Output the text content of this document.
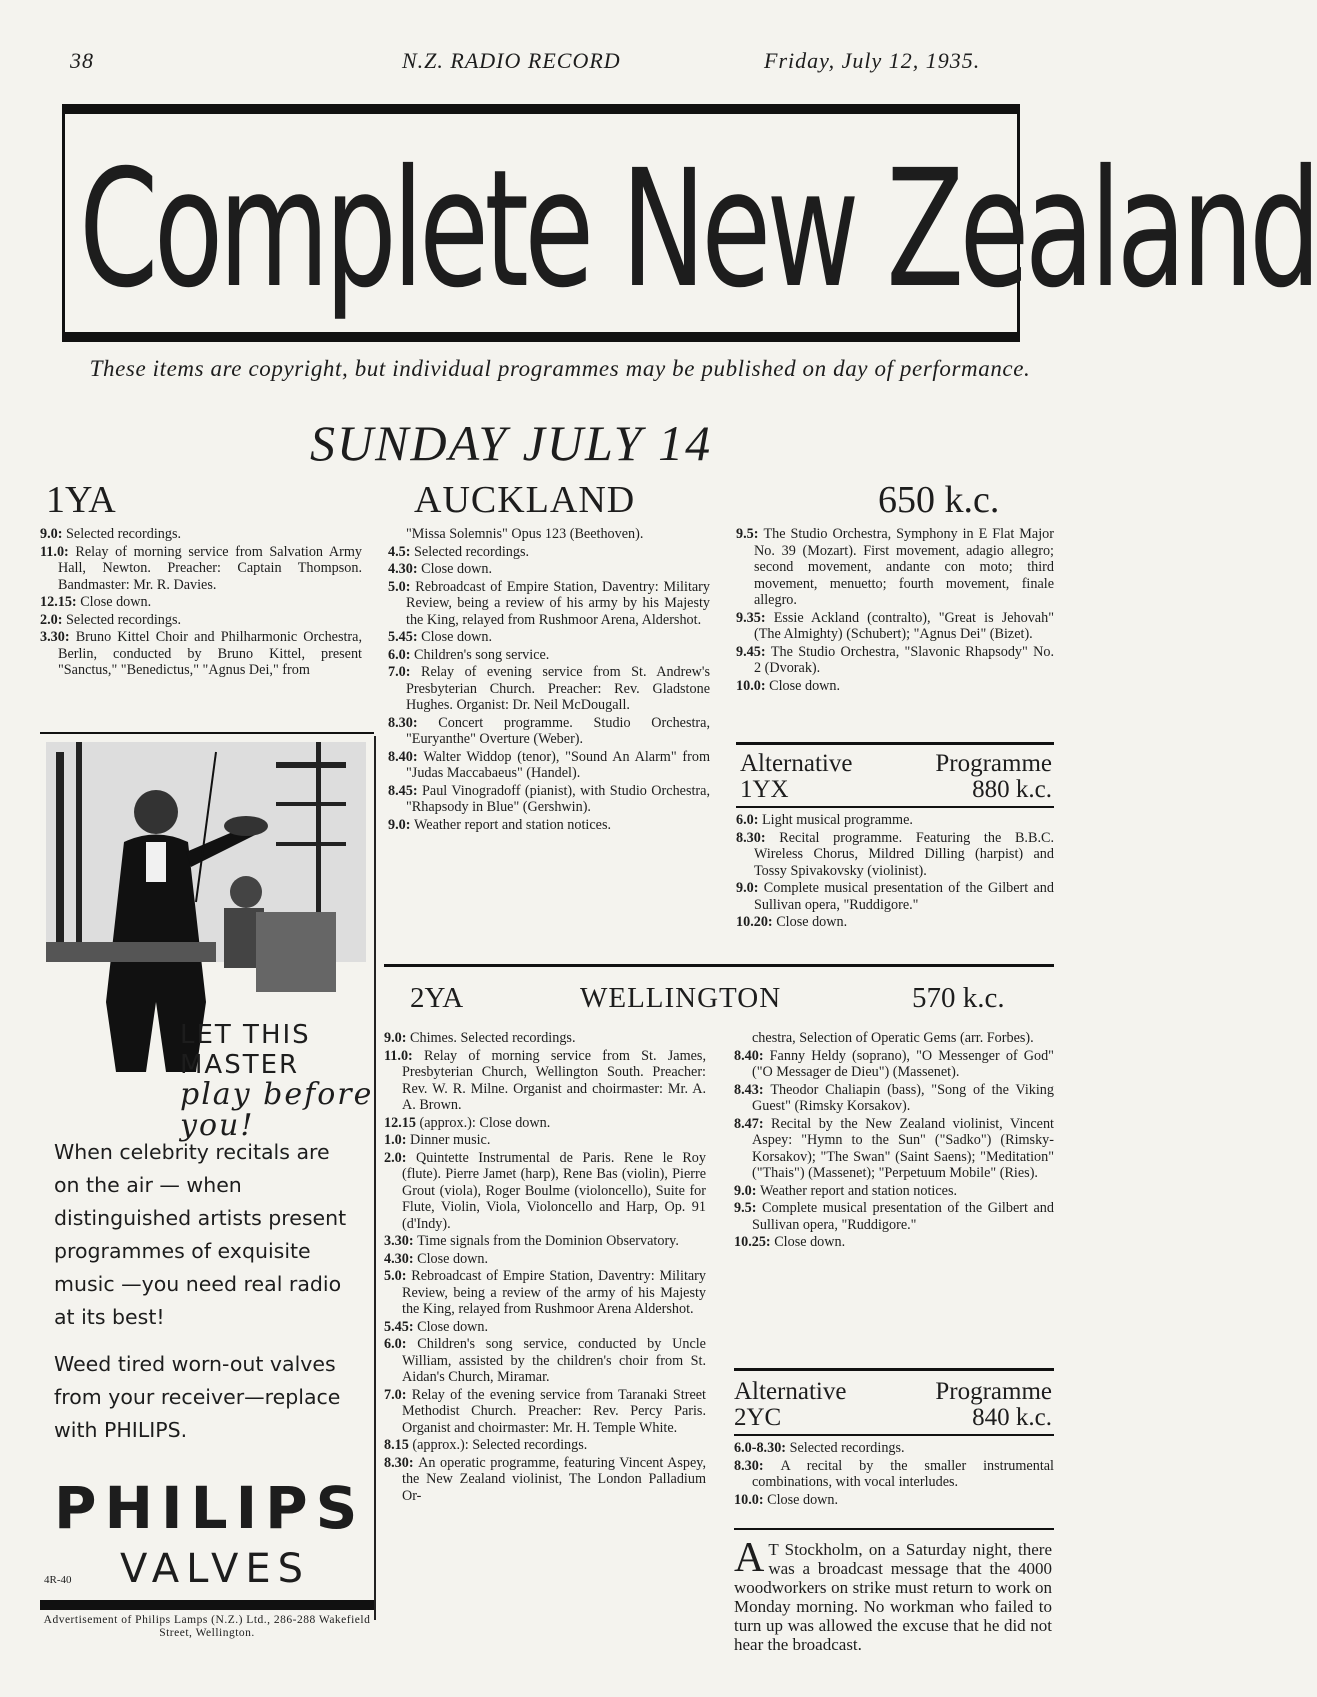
38	N.Z. RADIO RECORD	Friday, July 12, 1935.
Complete New Zealand
These items are copyright, but individual programmes may be published on day of performance.
SUNDAY JULY 14
1YA	AUCKLAND	650 k.c.

9.0: Selected recordings.

11.0: Relay of morning service from Salvation Army Hall, Newton. Preacher: Captain Thompson. Bandmaster: Mr. R. Davies.

12.15: Close down.

2.0: Selected recordings.

3.30: Bruno Kittel Choir and Philharmonic Orchestra, Berlin, conducted by Bruno Kittel, present "Sanctus," "Benedictus," "Agnus Dei," from

"Missa Solemnis" Opus 123 (Beethoven).

4.5: Selected recordings.

4.30: Close down.

5.0: Rebroadcast of Empire Station, Daventry: Military Review, being a review of his army by his Majesty the King, relayed from Rushmoor Arena, Aldershot.

5.45: Close down.

6.0: Children's song service.

7.0: Relay of evening service from St. Andrew's Presbyterian Church. Preacher: Rev. Gladstone Hughes. Organist: Dr. Neil McDougall.

8.30: Concert programme. Studio Orchestra, "Euryanthe" Overture (Weber).

8.40: Walter Widdop (tenor), "Sound An Alarm" from "Judas Maccabaeus" (Handel).

8.45: Paul Vinogradoff (pianist), with Studio Orchestra, "Rhapsody in Blue" (Gershwin).

9.0: Weather report and station notices.

9.5: The Studio Orchestra, Symphony in E Flat Major No. 39 (Mozart). First movement, adagio allegro; second movement, andante con moto; third movement, menuetto; fourth movement, finale allegro.

9.35: Essie Ackland (contralto), "Great is Jehovah" (The Almighty) (Schubert); "Agnus Dei" (Bizet).

9.45: The Studio Orchestra, "Slavonic Rhapsody" No. 2 (Dvorak).

10.0: Close down.

Alternative	Programme
1YX	880 k.c.

6.0: Light musical programme.

8.30: Recital programme. Featuring the B.B.C. Wireless Chorus, Mildred Dilling (harpist) and Tossy Spivakovsky (violinist).

9.0: Complete musical presentation of the Gilbert and Sullivan opera, "Ruddigore."

10.20: Close down.

2YA	WELLINGTON	570 k.c.

9.0: Chimes. Selected recordings.

11.0: Relay of morning service from St. James, Presbyterian Church, Wellington South. Preacher: Rev. W. R. Milne. Organist and choirmaster: Mr. A. A. Brown.

12.15 (approx.): Close down.

1.0: Dinner music.

2.0: Quintette Instrumental de Paris. Rene le Roy (flute). Pierre Jamet (harp), Rene Bas (violin), Pierre Grout (viola), Roger Boulme (violoncello), Suite for Flute, Violin, Viola, Violoncello and Harp, Op. 91 (d'Indy).

3.30: Time signals from the Dominion Observatory.

4.30: Close down.

5.0: Rebroadcast of Empire Station, Daventry: Military Review, being a review of the army of his Majesty the King, relayed from Rushmoor Arena Aldershot.

5.45: Close down.

6.0: Children's song service, conducted by Uncle William, assisted by the children's choir from St. Aidan's Church, Miramar.

7.0: Relay of the evening service from Taranaki Street Methodist Church. Preacher: Rev. Percy Paris. Organist and choirmaster: Mr. H. Temple White.

8.15 (approx.): Selected recordings.

8.30: An operatic programme, featuring Vincent Aspey, the New Zealand violinist, The London Palladium Or-

chestra, Selection of Operatic Gems (arr. Forbes).

8.40: Fanny Heldy (soprano), "O Messenger of God" ("O Messager de Dieu") (Massenet).

8.43: Theodor Chaliapin (bass), "Song of the Viking Guest" (Rimsky Korsakov).

8.47: Recital by the New Zealand violinist, Vincent Aspey: "Hymn to the Sun" ("Sadko") (Rimsky-Korsakov); "The Swan" (Saint Saens); "Meditation" ("Thais") (Massenet); "Perpetuum Mobile" (Ries).

9.0: Weather report and station notices.

9.5: Complete musical presentation of the Gilbert and Sullivan opera, "Ruddigore."

10.25: Close down.

Alternative	Programme
2YC	840 k.c.

6.0-8.30: Selected recordings.

8.30: A recital by the smaller instrumental combinations, with vocal interludes.

10.0: Close down.

A T Stockholm, on a Saturday night, there was a broadcast message that the 4000 woodworkers on strike must return to work on Monday morning. No workman who failed to turn up was allowed the excuse that he did not hear the broadcast.
LET THIS
MASTER
play before you!
When celebrity recitals are on the air — when distinguished artists present programmes of exquisite music —you need real radio at its best!
Weed tired worn-out valves from your receiver—replace with PHILIPS.
PHILIPS
VALVES
4R-40
Advertisement of Philips Lamps (N.Z.) Ltd., 286-288 Wakefield Street, Wellington.
